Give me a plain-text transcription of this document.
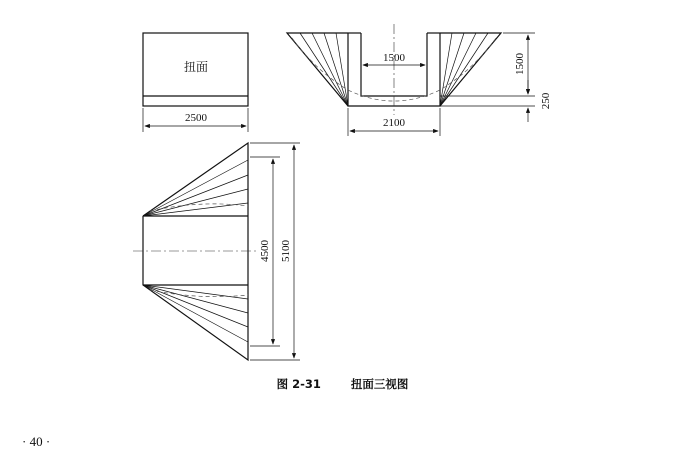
扭面
2500
1500
2100
1500
250
4500 5100
图 2-31	扭面三视图
· 40 ·
